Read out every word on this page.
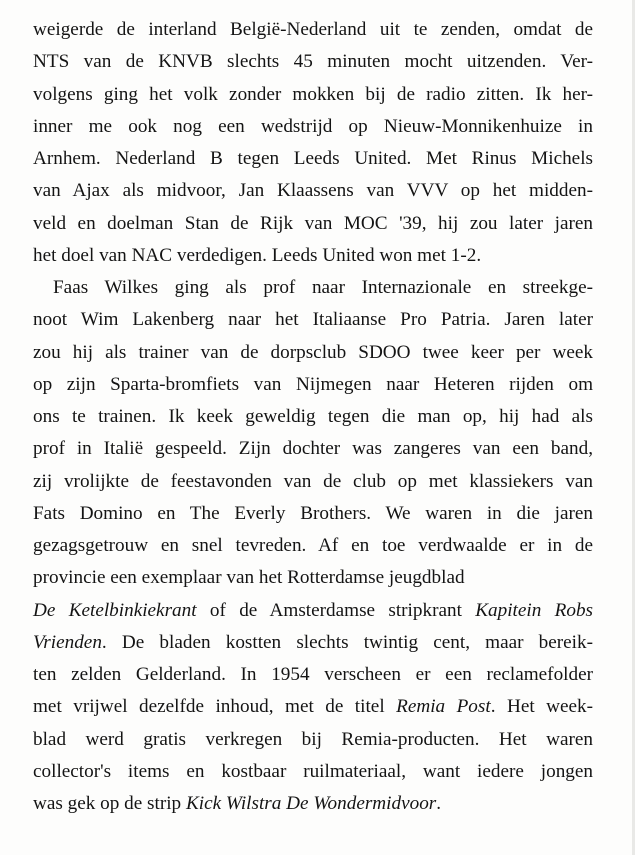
weigerde de interland België-Nederland uit te zenden, omdat de
NTS van de KNVB slechts 45 minuten mocht uitzenden. Ver-
volgens ging het volk zonder mokken bij de radio zitten. Ik her-
inner me ook nog een wedstrijd op Nieuw-Monnikenhuize in
Arnhem. Nederland B tegen Leeds United. Met Rinus Michels
van Ajax als midvoor, Jan Klaassens van VVV op het midden-
veld en doelman Stan de Rijk van MOC '39, hij zou later jaren
het doel van NAC verdedigen. Leeds United won met 1-2.
Faas Wilkes ging als prof naar Internazionale en streekge-
noot Wim Lakenberg naar het Italiaanse Pro Patria. Jaren later
zou hij als trainer van de dorpsclub SDOO twee keer per week
op zijn Sparta-bromfiets van Nijmegen naar Heteren rijden om
ons te trainen. Ik keek geweldig tegen die man op, hij had als
prof in Italië gespeeld. Zijn dochter was zangeres van een band,
zij vrolijkte de feestavonden van de club op met klassiekers van
Fats Domino en The Everly Brothers. We waren in die jaren
gezagsgetrouw en snel tevreden. Af en toe verdwaalde er in de
provincie een exemplaar van het Rotterdamse jeugdblad
De Ketelbinkiekrant of de Amsterdamse stripkrant Kapitein Robs
Vrienden. De bladen kostten slechts twintig cent, maar bereik-
ten zelden Gelderland. In 1954 verscheen er een reclamefolder
met vrijwel dezelfde inhoud, met de titel Remia Post. Het week-
blad werd gratis verkregen bij Remia-producten. Het waren
collector's items en kostbaar ruilmateriaal, want iedere jongen
was gek op de strip Kick Wilstra De Wondermidvoor.
